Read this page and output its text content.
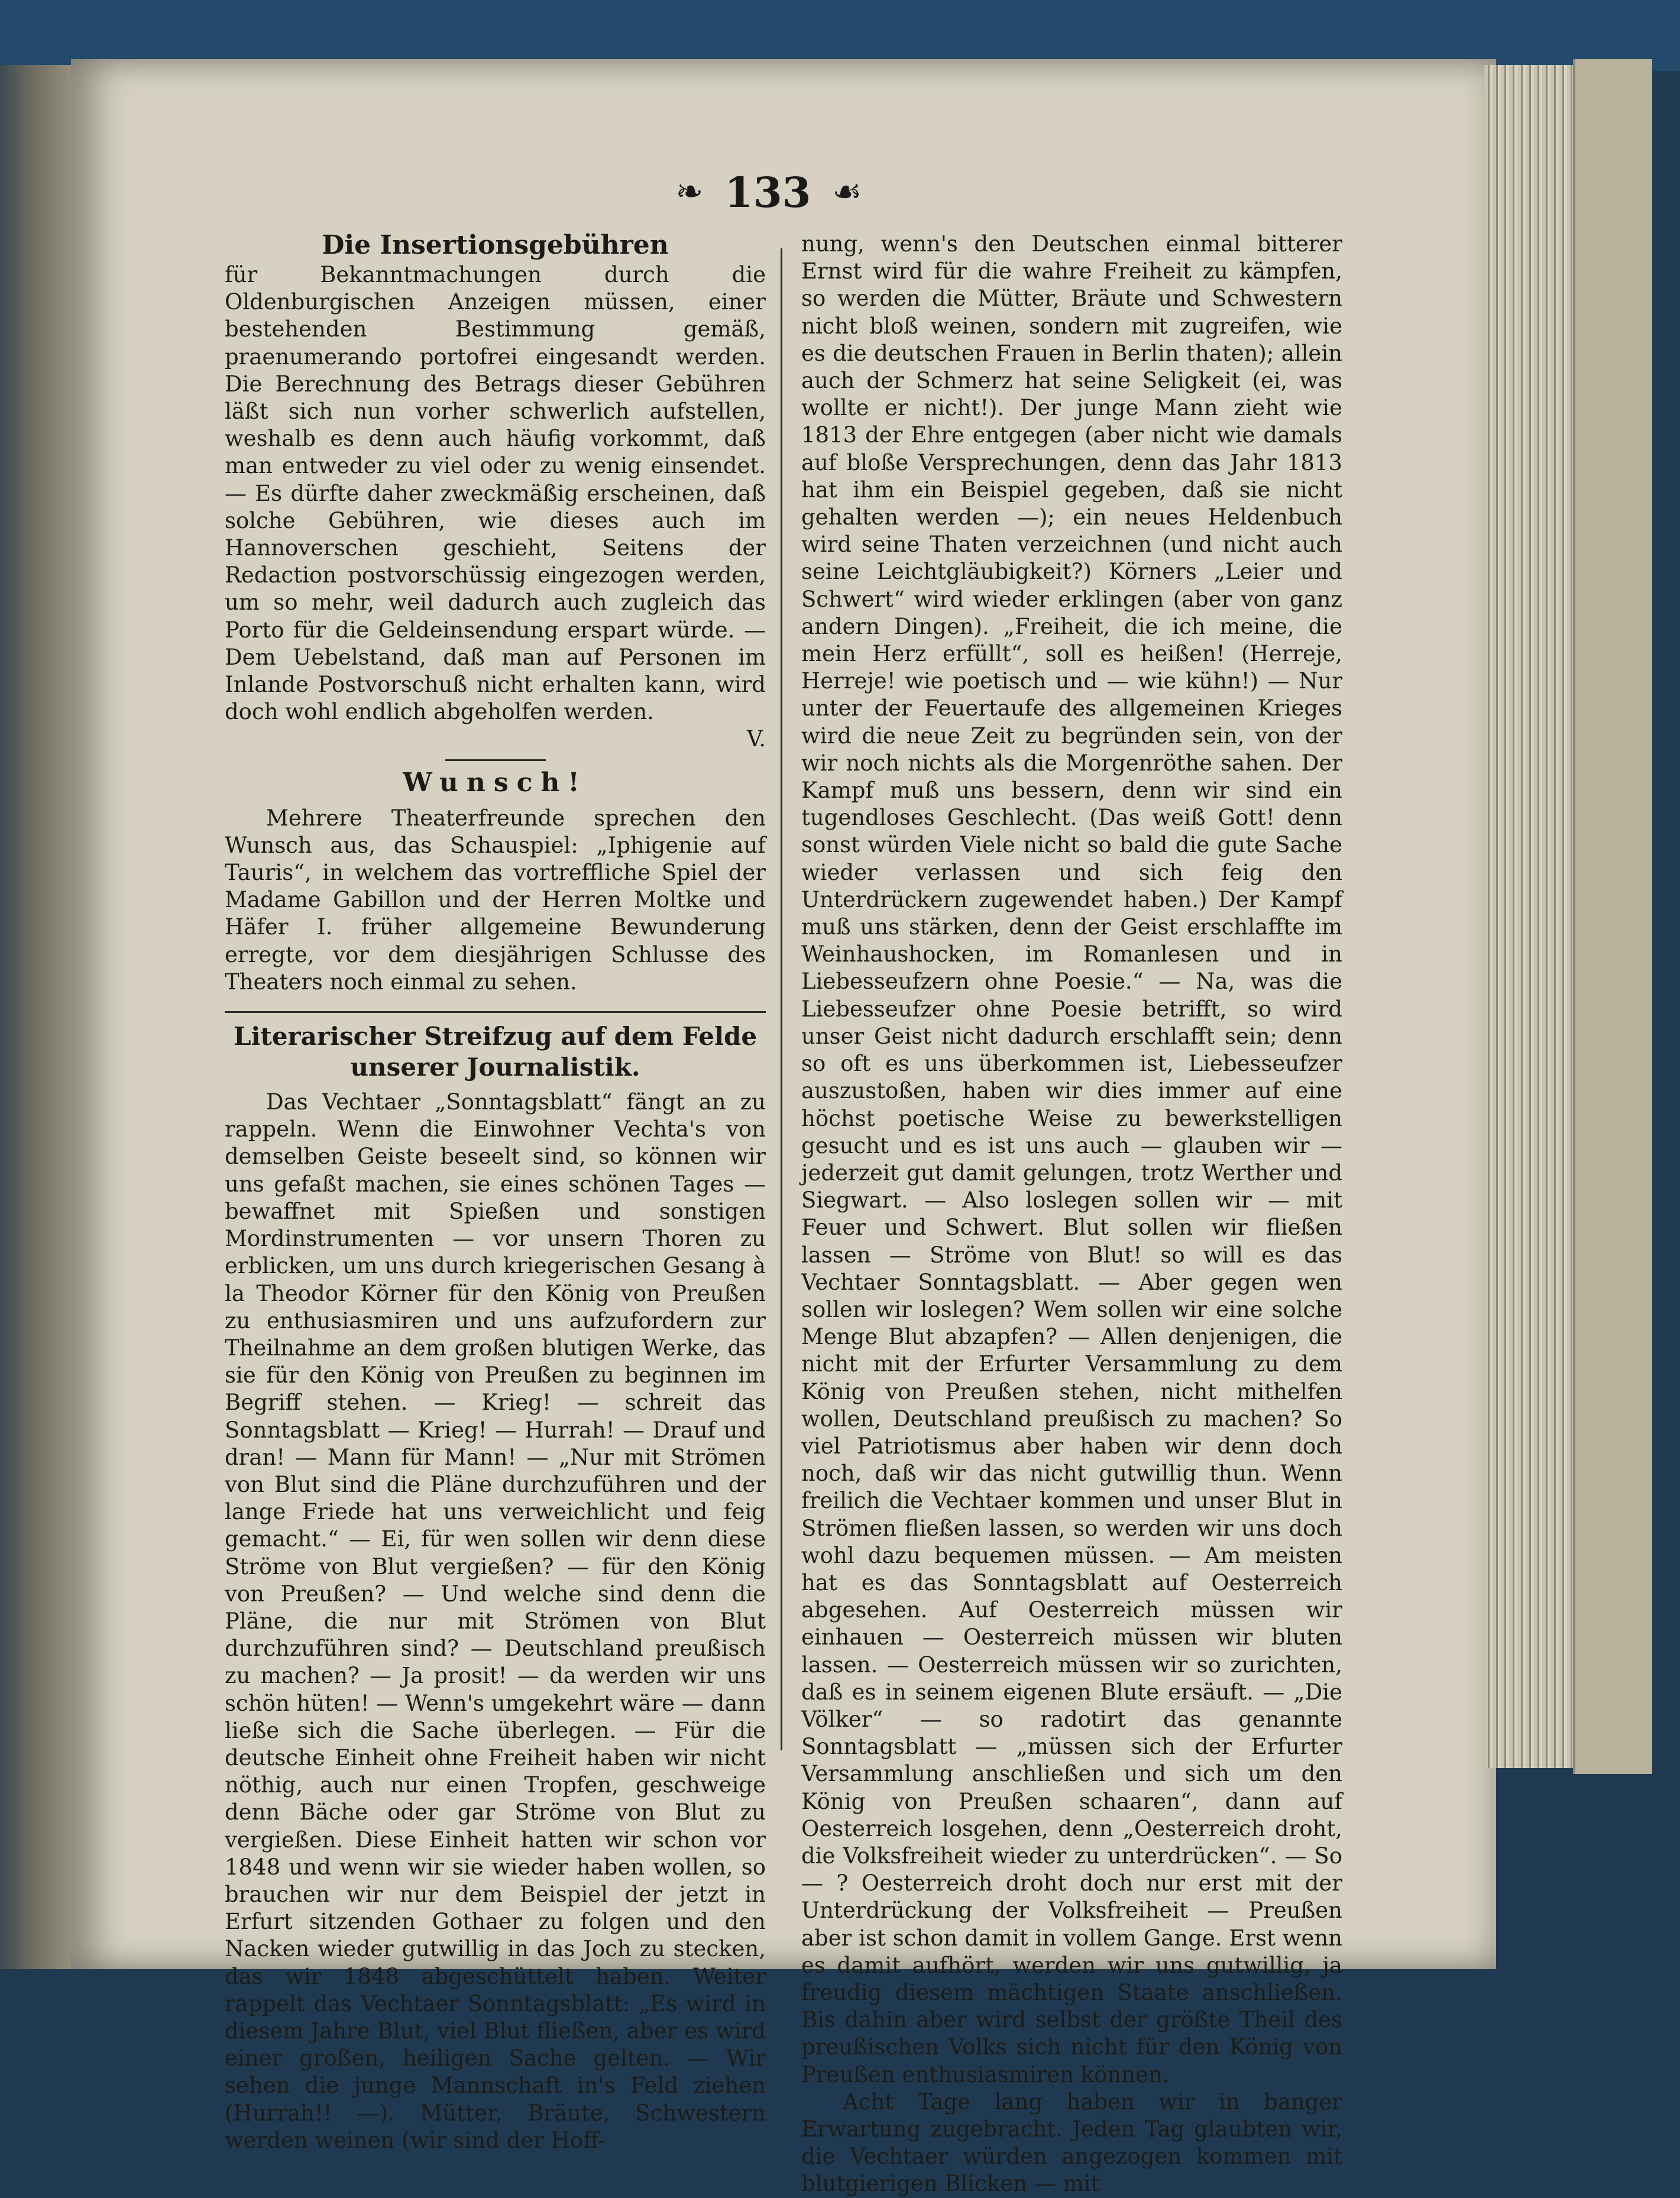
❧ 133 ☙
Die Insertionsgebühren

für Bekanntmachungen durch die Oldenburgischen Anzeigen müssen, einer bestehenden Bestimmung gemäß, praenumerando portofrei eingesandt werden. Die Berechnung des Betrags dieser Gebühren läßt sich nun vorher schwerlich aufstellen, weshalb es denn auch häufig vorkommt, daß man entweder zu viel oder zu wenig einsendet. — Es dürfte daher zweckmäßig erscheinen, daß solche Gebühren, wie dieses auch im Hannoverschen geschieht, Seitens der Redaction postvorschüssig eingezogen werden, um so mehr, weil dadurch auch zugleich das Porto für die Geldeinsendung erspart würde. — Dem Uebelstand, daß man auf Personen im Inlande Postvorschuß nicht erhalten kann, wird doch wohl endlich abgeholfen werden.

V.

Wunsch!

Mehrere Theaterfreunde sprechen den Wunsch aus, das Schauspiel: „Iphigenie auf Tauris“, in welchem das vortreffliche Spiel der Madame Gabillon und der Herren Moltke und Häfer I. früher allgemeine Bewunderung erregte, vor dem diesjährigen Schlusse des Theaters noch einmal zu sehen.

Literarischer Streifzug auf dem Felde unserer Journalistik.

Das Vechtaer „Sonntagsblatt“ fängt an zu rappeln. Wenn die Einwohner Vechta's von demselben Geiste beseelt sind, so können wir uns gefaßt machen, sie eines schönen Tages — bewaffnet mit Spießen und sonstigen Mordinstrumenten — vor unsern Thoren zu erblicken, um uns durch kriegerischen Gesang à la Theodor Körner für den König von Preußen zu enthusiasmiren und uns aufzufordern zur Theilnahme an dem großen blutigen Werke, das sie für den König von Preußen zu beginnen im Begriff stehen. — Krieg! — schreit das Sonntagsblatt — Krieg! — Hurrah! — Drauf und dran! — Mann für Mann! — „Nur mit Strömen von Blut sind die Pläne durchzuführen und der lange Friede hat uns verweichlicht und feig gemacht.“ — Ei, für wen sollen wir denn diese Ströme von Blut vergießen? — für den König von Preußen? — Und welche sind denn die Pläne, die nur mit Strömen von Blut durchzuführen sind? — Deutschland preußisch zu machen? — Ja prosit! — da werden wir uns schön hüten! — Wenn's umgekehrt wäre — dann ließe sich die Sache überlegen. — Für die deutsche Einheit ohne Freiheit haben wir nicht nöthig, auch nur einen Tropfen, geschweige denn Bäche oder gar Ströme von Blut zu vergießen. Diese Einheit hatten wir schon vor 1848 und wenn wir sie wieder haben wollen, so brauchen wir nur dem Beispiel der jetzt in Erfurt sitzenden Gothaer zu folgen und den Nacken wieder gutwillig in das Joch zu stecken, das wir 1848 abgeschüttelt haben. Weiter rappelt das Vechtaer Sonntagsblatt: „Es wird in diesem Jahre Blut, viel Blut fließen, aber es wird einer großen, heiligen Sache gelten. — Wir sehen die junge Mannschaft in's Feld ziehen (Hurrah!! —). Mütter, Bräute, Schwestern werden weinen (wir sind der Hoff-

nung, wenn's den Deutschen einmal bitterer Ernst wird für die wahre Freiheit zu kämpfen, so werden die Mütter, Bräute und Schwestern nicht bloß weinen, sondern mit zugreifen, wie es die deutschen Frauen in Berlin thaten); allein auch der Schmerz hat seine Seligkeit (ei, was wollte er nicht!). Der junge Mann zieht wie 1813 der Ehre entgegen (aber nicht wie damals auf bloße Versprechungen, denn das Jahr 1813 hat ihm ein Beispiel gegeben, daß sie nicht gehalten werden —); ein neues Heldenbuch wird seine Thaten verzeichnen (und nicht auch seine Leichtgläubigkeit?) Körners „Leier und Schwert“ wird wieder erklingen (aber von ganz andern Dingen). „Freiheit, die ich meine, die mein Herz erfüllt“, soll es heißen! (Herreje, Herreje! wie poetisch und — wie kühn!) — Nur unter der Feuertaufe des allgemeinen Krieges wird die neue Zeit zu begründen sein, von der wir noch nichts als die Morgenröthe sahen. Der Kampf muß uns bessern, denn wir sind ein tugendloses Geschlecht. (Das weiß Gott! denn sonst würden Viele nicht so bald die gute Sache wieder verlassen und sich feig den Unterdrückern zugewendet haben.) Der Kampf muß uns stärken, denn der Geist erschlaffte im Weinhaushocken, im Romanlesen und in Liebesseufzern ohne Poesie.“ — Na, was die Liebesseufzer ohne Poesie betrifft, so wird unser Geist nicht dadurch erschlafft sein; denn so oft es uns überkommen ist, Liebesseufzer auszustoßen, haben wir dies immer auf eine höchst poetische Weise zu bewerkstelligen gesucht und es ist uns auch — glauben wir — jederzeit gut damit gelungen, trotz Werther und Siegwart. — Also loslegen sollen wir — mit Feuer und Schwert. Blut sollen wir fließen lassen — Ströme von Blut! so will es das Vechtaer Sonntagsblatt. — Aber gegen wen sollen wir loslegen? Wem sollen wir eine solche Menge Blut abzapfen? — Allen denjenigen, die nicht mit der Erfurter Versammlung zu dem König von Preußen stehen, nicht mithelfen wollen, Deutschland preußisch zu machen? So viel Patriotismus aber haben wir denn doch noch, daß wir das nicht gutwillig thun. Wenn freilich die Vechtaer kommen und unser Blut in Strömen fließen lassen, so werden wir uns doch wohl dazu bequemen müssen. — Am meisten hat es das Sonntagsblatt auf Oesterreich abgesehen. Auf Oesterreich müssen wir einhauen — Oesterreich müssen wir bluten lassen. — Oesterreich müssen wir so zurichten, daß es in seinem eigenen Blute ersäuft. — „Die Völker“ — so radotirt das genannte Sonntagsblatt — „müssen sich der Erfurter Versammlung anschließen und sich um den König von Preußen schaaren“, dann auf Oesterreich losgehen, denn „Oesterreich droht, die Volksfreiheit wieder zu unterdrücken“. — So — ? Oesterreich droht doch nur erst mit der Unterdrückung der Volksfreiheit — Preußen aber ist schon damit in vollem Gange. Erst wenn es damit aufhört, werden wir uns gutwillig, ja freudig diesem mächtigen Staate anschließen. Bis dahin aber wird selbst der größte Theil des preußischen Volks sich nicht für den König von Preußen enthusiasmiren können.

Acht Tage lang haben wir in banger Erwartung zugebracht. Jeden Tag glaubten wir, die Vechtaer würden angezogen kommen mit blutgierigen Blicken — mit
